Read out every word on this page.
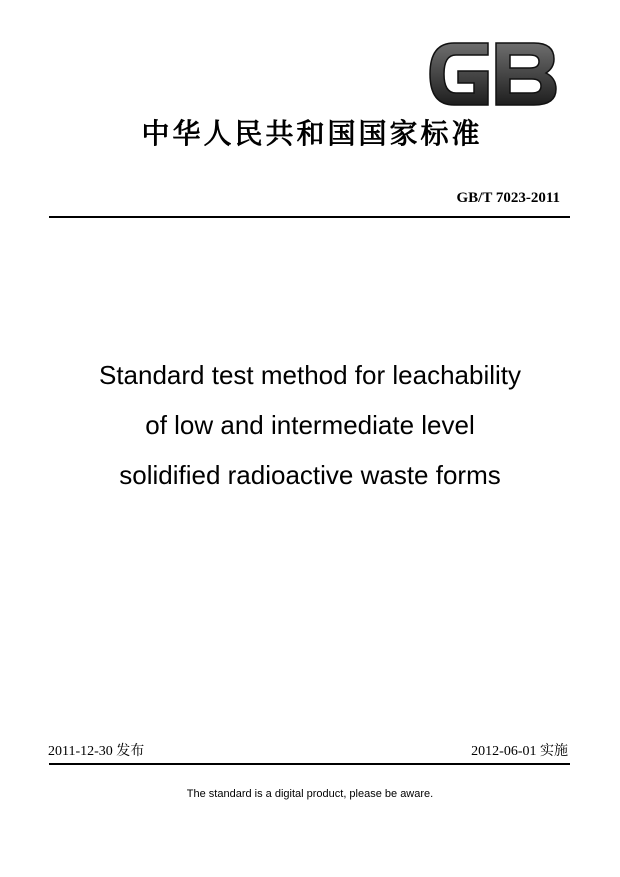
中华人民共和国国家标准
GB/T 7023-2011
Standard test method for leachability
of low and intermediate level
solidified radioactive waste forms
2011-12-30 发布	2012-06-01 实施
The standard is a digital product, please be aware.
